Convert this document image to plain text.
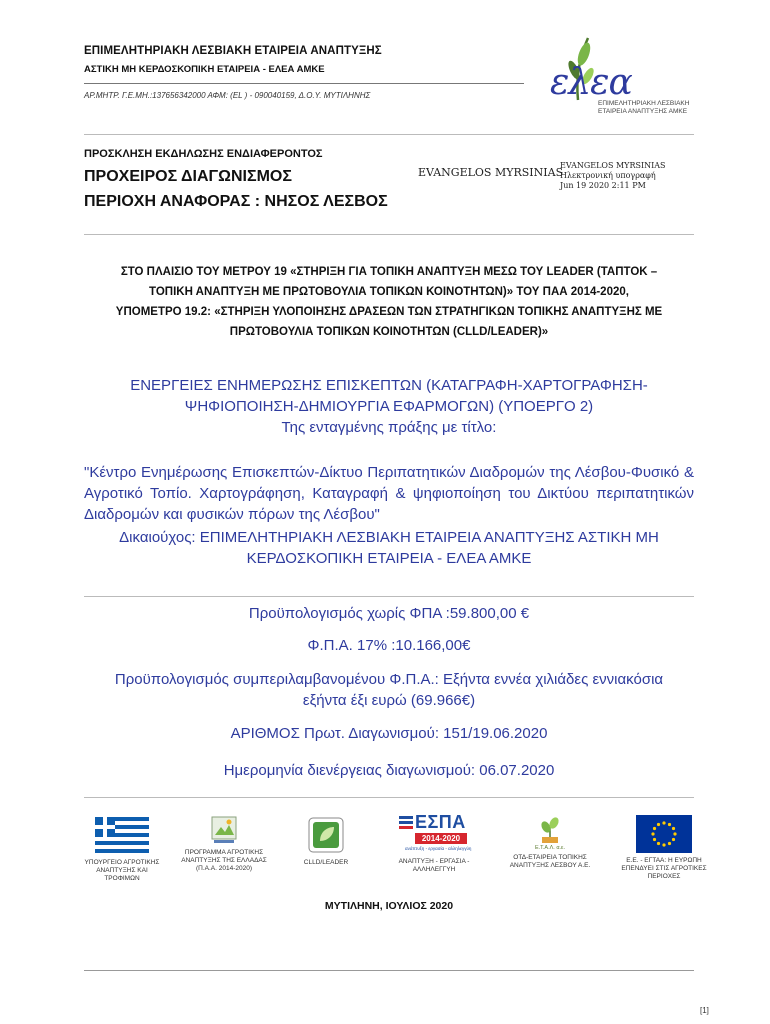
ΕΠΙΜΕΛΗΤΗΡΙΑΚΗ ΛΕΣΒΙΑΚΗ ΕΤΑΙΡΕΙΑ ΑΝΑΠΤΥΞΗΣ
ΑΣΤΙΚΗ ΜΗ ΚΕΡΔΟΣΚΟΠΙΚΗ ΕΤΑΙΡΕΙΑ - ΕΛΕΑ ΑΜΚΕ
ΑΡ.ΜΗΤΡ. Γ.Ε.ΜΗ.:137656342000 ΑΦΜ: (EL ) - 090040159, Δ.Ο.Υ. ΜΥΤΙΛΗΝΗΣ	ελεα
ΕΠΙΜΕΛΗΤΗΡΙΑΚΗ ΛΕΣΒΙΑΚΗ
ΕΤΑΙΡΕΙΑ ΑΝΑΠΤΥΞΗΣ ΑΜΚΕ
ΠΡΟΣΚΛΗΣΗ ΕΚΔΗΛΩΣΗΣ ΕΝΔΙΑΦΕΡΟΝΤΟΣ
ΠΡΟΧΕΙΡΟΣ ΔΙΑΓΩΝΙΣΜΟΣ
ΠΕΡΙΟΧΗ ΑΝΑΦΟΡΑΣ : ΝΗΣΟΣ ΛΕΣΒΟΣ
EVANGELOS MYRSINIAS
EVANGELOS MYRSINIAS
Ηλεκτρονική υπογραφή
Jun 19 2020 2:11 PM
ΣΤΟ ΠΛΑΙΣΙΟ ΤΟΥ ΜΕΤΡΟΥ 19 «ΣΤΗΡΙΞΗ ΓΙΑ ΤΟΠΙΚΗ ΑΝΑΠΤΥΞΗ ΜΕΣΩ ΤΟΥ LEADER (ΤΑΠΤΟΚ –
ΤΟΠΙΚΗ ΑΝΑΠΤΥΞΗ ΜΕ ΠΡΩΤΟΒΟΥΛΙΑ ΤΟΠΙΚΩΝ ΚΟΙΝΟΤΗΤΩΝ)» ΤΟΥ ΠΑΑ 2014-2020,
ΥΠΟΜΕΤΡΟ 19.2: «ΣΤΗΡΙΞΗ ΥΛΟΠΟΙΗΣΗΣ ΔΡΑΣΕΩΝ ΤΩΝ ΣΤΡΑΤΗΓΙΚΩΝ ΤΟΠΙΚΗΣ ΑΝΑΠΤΥΞΗΣ ΜΕ
ΠΡΩΤΟΒΟΥΛΙΑ ΤΟΠΙΚΩΝ ΚΟΙΝΟΤΗΤΩΝ (CLLD/LEADER)»
ΕΝΕΡΓΕΙΕΣ ΕΝΗΜΕΡΩΣΗΣ ΕΠΙΣΚΕΠΤΩΝ (ΚΑΤΑΓΡΑΦΗ-ΧΑΡΤΟΓΡΑΦΗΣΗ-
ΨΗΦΙΟΠΟΙΗΣΗ-ΔΗΜΙΟΥΡΓΙΑ ΕΦΑΡΜΟΓΩΝ) (ΥΠΟΕΡΓΟ 2)
Της ενταγμένης πράξης με τίτλο:
"Κέντρο Ενημέρωσης Επισκεπτών-Δίκτυο Περιπατητικών Διαδρομών της Λέσβου-Φυσικό & Αγροτικό Τοπίο. Χαρτογράφηση, Καταγραφή & ψηφιοποίηση του Δικτύου περιπατητικών Διαδρομών και φυσικών πόρων της Λέσβου"
Δικαιούχος: ΕΠΙΜΕΛΗΤΗΡΙΑΚΗ ΛΕΣΒΙΑΚΗ ΕΤΑΙΡΕΙΑ ΑΝΑΠΤΥΞΗΣ ΑΣΤΙΚΗ ΜΗ
ΚΕΡΔΟΣΚΟΠΙΚΗ ΕΤΑΙΡΕΙΑ - ΕΛΕΑ ΑΜΚΕ
Προϋπολογισμός χωρίς ΦΠΑ :59.800,00 €
Φ.Π.Α. 17% :10.166,00€
Προϋπολογισμός συμπεριλαμβανομένου Φ.Π.Α.: Εξήντα εννέα χιλιάδες εννιακόσια
εξήντα έξι ευρώ (69.966€)
ΑΡΙΘΜΟΣ Πρωτ. Διαγωνισμού: 151/19.06.2020
Ημερομηνία διενέργειας διαγωνισμού: 06.07.2020
ΥΠΟΥΡΓΕΙΟ ΑΓΡΟΤΙΚΗΣ
ΑΝΑΠΤΥΞΗΣ ΚΑΙ ΤΡΟΦΙΜΩΝ
ΠΡΟΓΡΑΜΜΑ ΑΓΡΟΤΙΚΗΣ
ΑΝΑΠΤΥΞΗΣ ΤΗΣ ΕΛΛΑΔΑΣ
(Π.Α.Α. 2014-2020)
CLLD/LEADER
ΕΣΠΑ
2014-2020
ανάπτυξη - εργασία - αλληλεγγύη
ΑΝΑΠΤΥΞΗ - ΕΡΓΑΣΙΑ -
ΑΛΛΗΛΕΓΓΥΗ
Ε.Τ.Α.Λ. α.ε.
ΟΤΔ-ΕΤΑΙΡΕΙΑ ΤΟΠΙΚΗΣ
ΑΝΑΠΤΥΞΗΣ ΛΕΣΒΟΥ Α.Ε.
Ε.Ε. - ΕΓΤΑΑ: Η ΕΥΡΩΠΗ
ΕΠΕΝΔΥΕΙ ΣΤΙΣ ΑΓΡΟΤΙΚΕΣ
ΠΕΡΙΟΧΕΣ
ΜΥΤΙΛΗΝΗ, ΙΟΥΛΙΟΣ 2020
[1]
